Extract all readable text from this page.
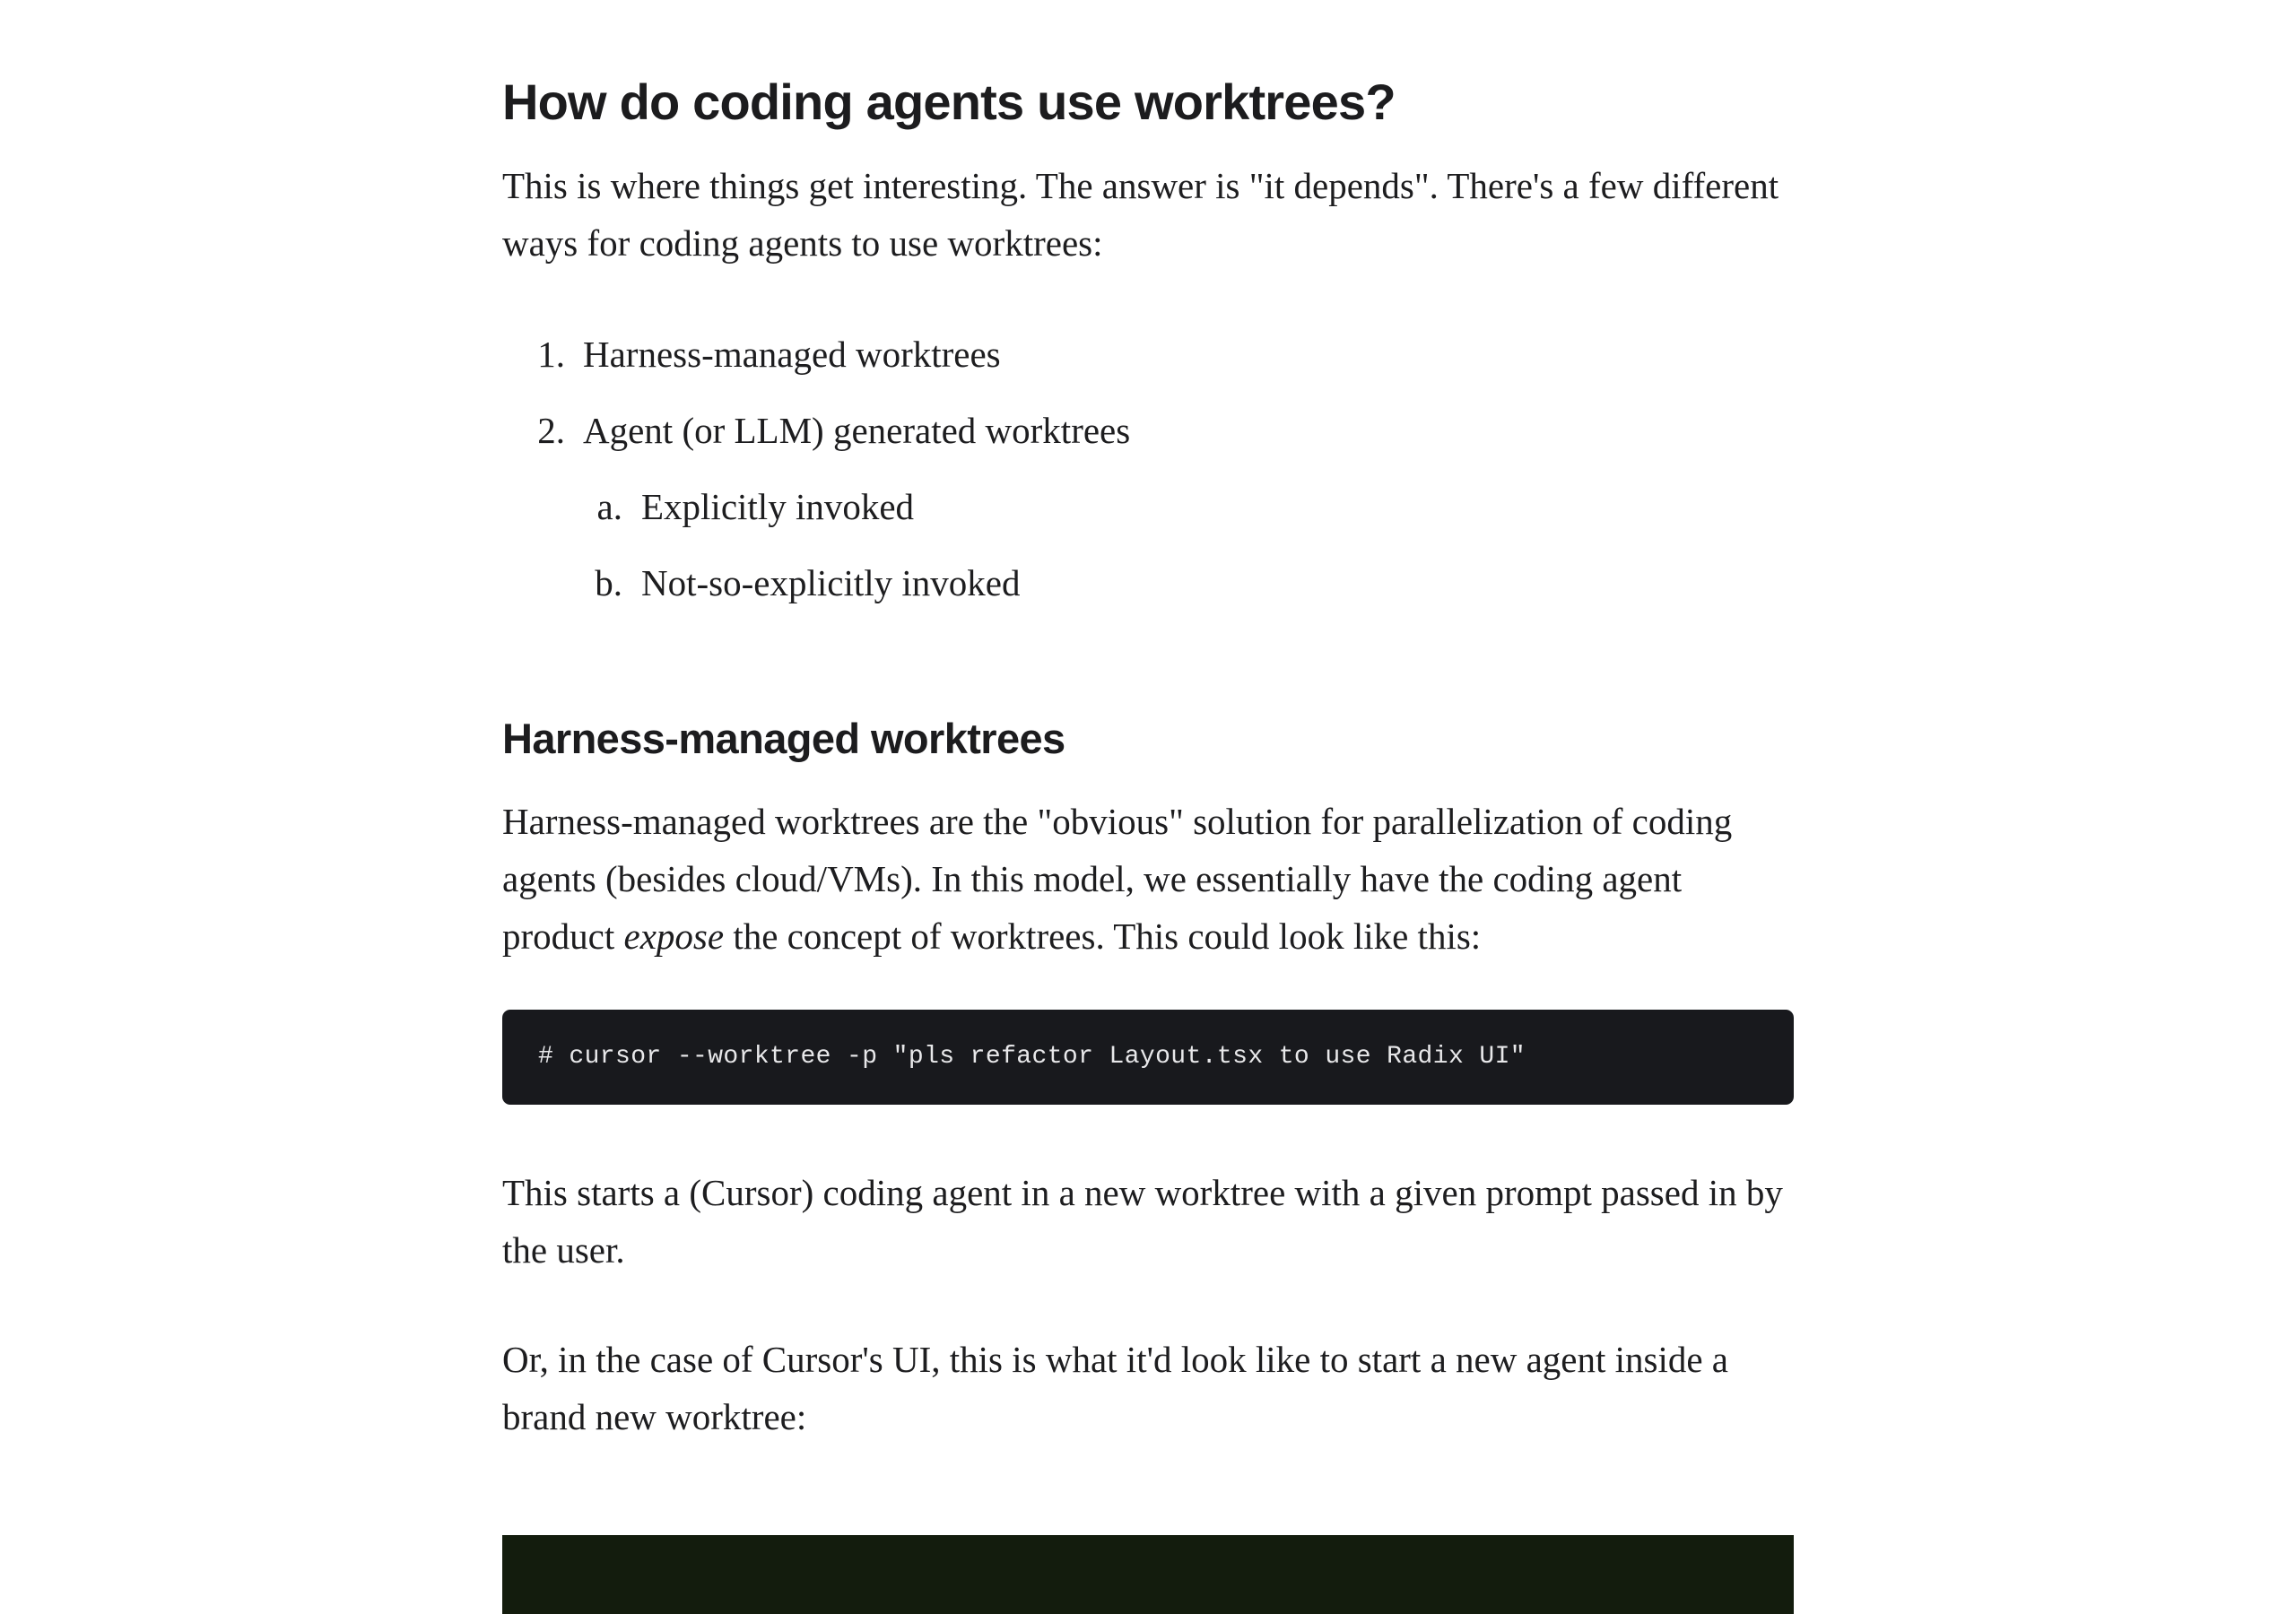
How do coding agents use worktrees?

This is where things get interesting. The answer is "it depends". There's a few different ways for coding agents to use worktrees:

1. Harness-managed worktrees
2. Agent (or LLM) generated worktrees
a. Explicitly invoked
b. Not-so-explicitly invoked
Harness-managed worktrees

Harness-managed worktrees are the "obvious" solution for parallelization of coding agents (besides cloud/VMs). In this model, we essentially have the coding agent product expose the concept of worktrees. This could look like this:

# cursor --worktree -p "pls refactor Layout.tsx to use Radix UI"

This starts a (Cursor) coding agent in a new worktree with a given prompt passed in by the user.

Or, in the case of Cursor's UI, this is what it'd look like to start a new agent inside a brand new worktree:
